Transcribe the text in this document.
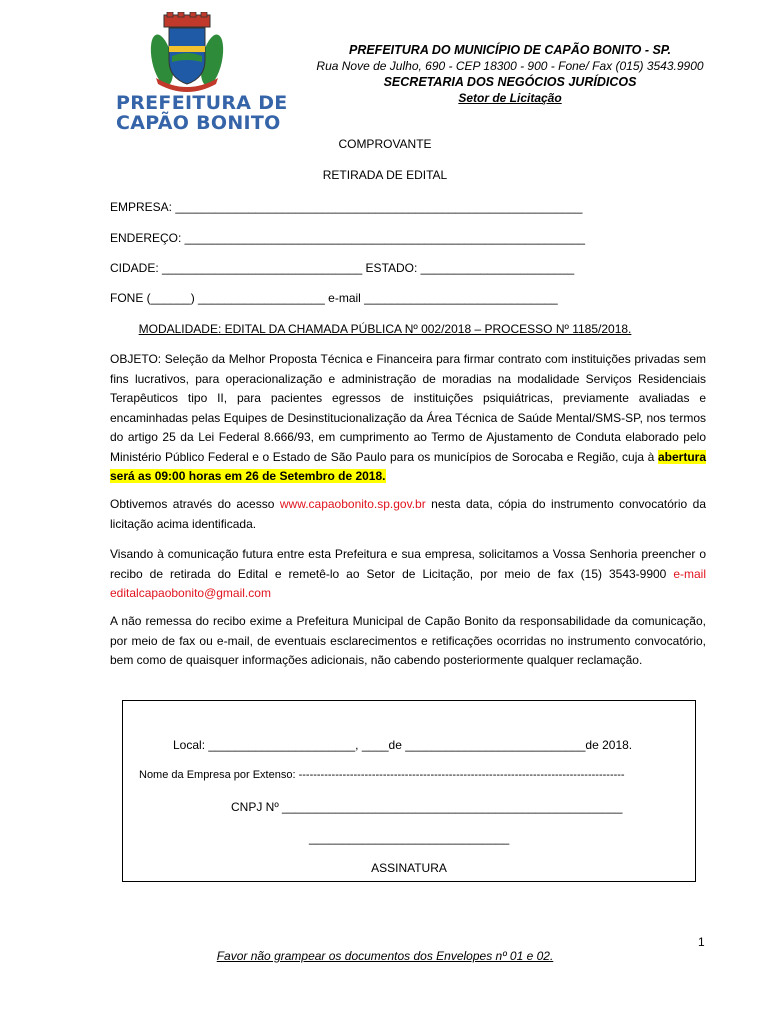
PREFEITURA DE
CAPÃO BONITO
PREFEITURA DO MUNICÍPIO DE CAPÃO BONITO - SP.
Rua Nove de Julho, 690 - CEP 18300 - 900 - Fone/ Fax (015) 3543.9900
SECRETARIA DOS NEGÓCIOS JURÍDICOS
Setor de Licitação
COMPROVANTE
RETIRADA DE EDITAL
EMPRESA: _____________________________________________________________
ENDEREÇO: ____________________________________________________________
CIDADE: ______________________________ ESTADO: _______________________
FONE (______) ___________________ e-mail _____________________________
MODALIDADE: EDITAL DA CHAMADA PÚBLICA Nº 002/2018 – PROCESSO Nº 1185/2018.
OBJETO: Seleção da Melhor Proposta Técnica e Financeira para firmar contrato com instituições privadas sem fins lucrativos, para operacionalização e administração de moradias na modalidade Serviços Residenciais Terapêuticos tipo II, para pacientes egressos de instituições psiquiátricas, previamente avaliadas e encaminhadas pelas Equipes de Desinstitucionalização da Área Técnica de Saúde Mental/SMS-SP, nos termos do artigo 25 da Lei Federal 8.666/93, em cumprimento ao Termo de Ajustamento de Conduta elaborado pelo Ministério Público Federal e o Estado de São Paulo para os municípios de Sorocaba e Região, cuja à abertura será as 09:00 horas em 26 de Setembro de 2018.
Obtivemos através do acesso www.capaobonito.sp.gov.br nesta data, cópia do instrumento convocatório da licitação acima identificada.
Visando à comunicação futura entre esta Prefeitura e sua empresa, solicitamos a Vossa Senhoria preencher o recibo de retirada do Edital e remetê-lo ao Setor de Licitação, por meio de fax (15) 3543-9900 e-mail editalcapaobonito@gmail.com
A não remessa do recibo exime a Prefeitura Municipal de Capão Bonito da responsabilidade da comunicação, por meio de fax ou e-mail, de eventuais esclarecimentos e retificações ocorridas no instrumento convocatório, bem como de quaisquer informações adicionais, não cabendo posteriormente qualquer reclamação.
Local: ______________________, ____de ___________________________de 2018.
Nome da Empresa por Extenso: -----------------------------------------------------------------------------------------
CNPJ Nº ___________________________________________________
______________________________
ASSINATURA
1
Favor não grampear os documentos dos Envelopes nº 01 e 02.
